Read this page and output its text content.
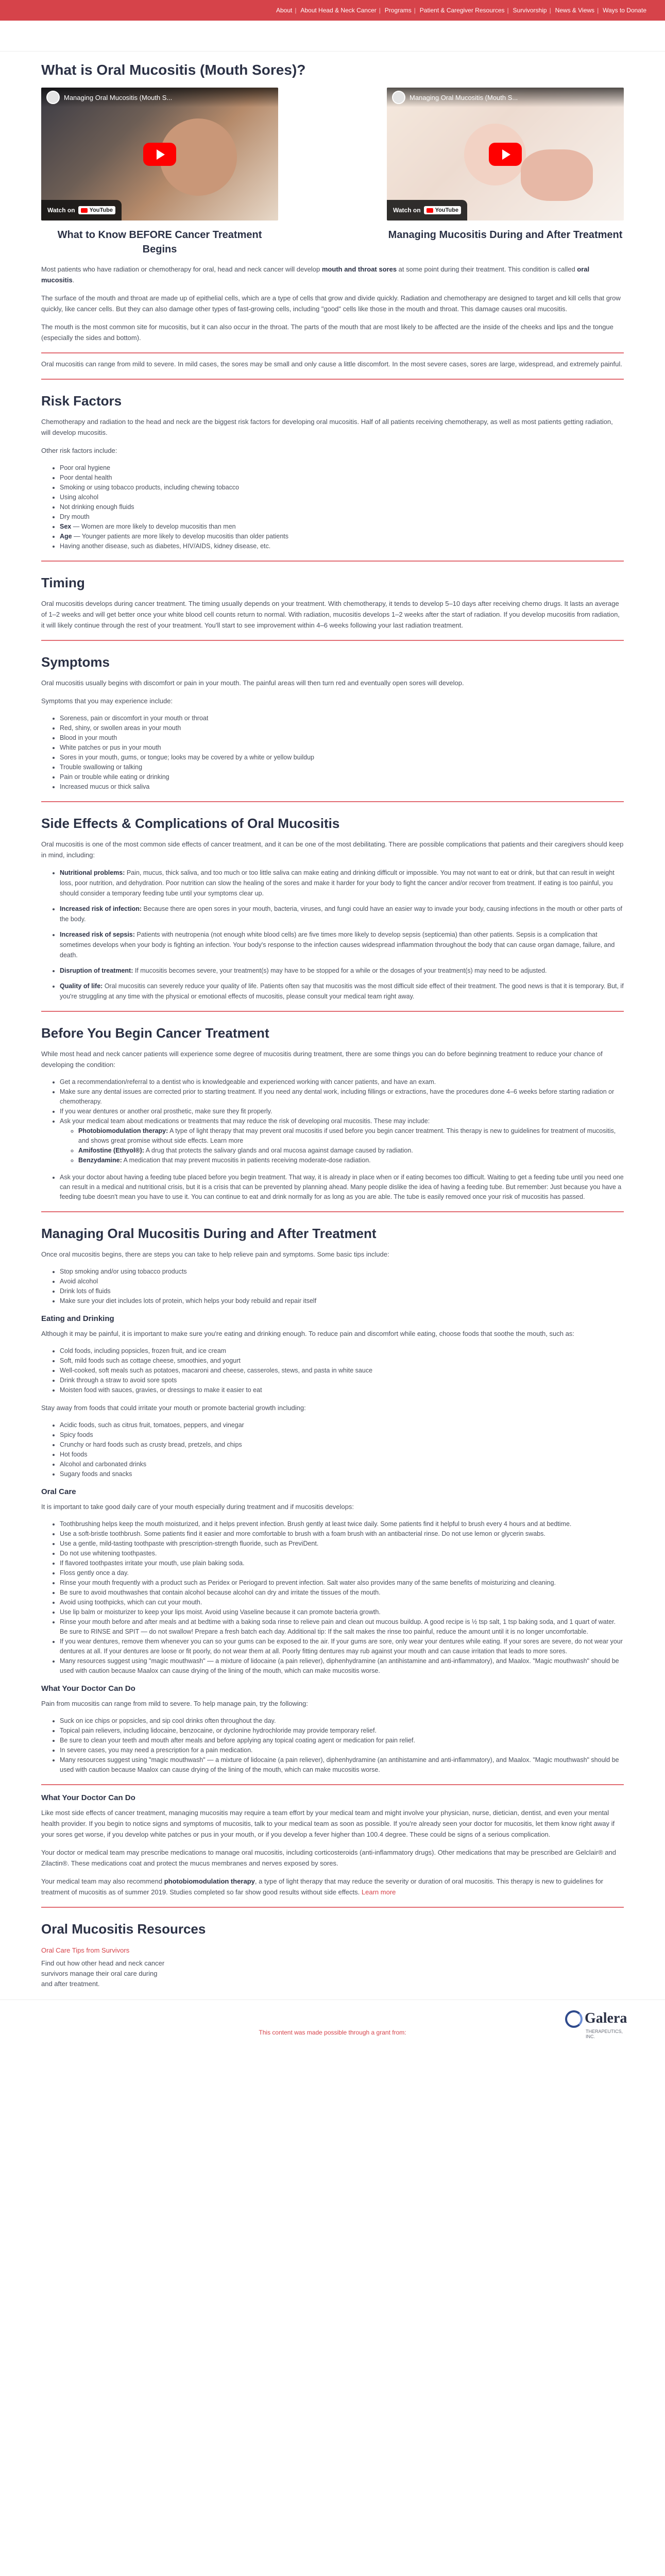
About	| About Head & Neck Cancer	| Programs	| Patient & Caregiver Resources	| Survivorship	| News & Views	| Ways to Donate
What is Oral Mucositis (Mouth Sores)?
Managing Oral Mucositis (Mouth S...
Watch on	YouTube
What to Know BEFORE Cancer Treatment Begins
Managing Oral Mucositis (Mouth S...
Watch on	YouTube
Managing Mucositis During and After Treatment

Most patients who have radiation or chemotherapy for oral, head and neck cancer will develop mouth and throat sores at some point during their treatment. This condition is called oral mucositis.

The surface of the mouth and throat are made up of epithelial cells, which are a type of cells that grow and divide quickly. Radiation and chemotherapy are designed to target and kill cells that grow quickly, like cancer cells. But they can also damage other types of fast-growing cells, including "good" cells like those in the mouth and throat. This damage causes oral mucositis.

The mouth is the most common site for mucositis, but it can also occur in the throat. The parts of the mouth that are most likely to be affected are the inside of the cheeks and lips and the tongue (especially the sides and bottom).

Oral mucositis can range from mild to severe. In mild cases, the sores may be small and only cause a little discomfort. In the most severe cases, sores are large, widespread, and extremely painful.

Risk Factors

Chemotherapy and radiation to the head and neck are the biggest risk factors for developing oral mucositis. Half of all patients receiving chemotherapy, as well as most patients getting radiation, will develop mucositis.

Other risk factors include:

• Poor oral hygiene
• Poor dental health
• Smoking or using tobacco products, including chewing tobacco
• Using alcohol
• Not drinking enough fluids
• Dry mouth
• Sex — Women are more likely to develop mucositis than men
• Age — Younger patients are more likely to develop mucositis than older patients
• Having another disease, such as diabetes, HIV/AIDS, kidney disease, etc.
Timing

Oral mucositis develops during cancer treatment. The timing usually depends on your treatment. With chemotherapy, it tends to develop 5–10 days after receiving chemo drugs. It lasts an average of 1–2 weeks and will get better once your white blood cell counts return to normal. With radiation, mucositis develops 1–2 weeks after the start of radiation. If you develop mucositis from radiation, it will likely continue through the rest of your treatment. You'll start to see improvement within 4–6 weeks following your last radiation treatment.

Symptoms

Oral mucositis usually begins with discomfort or pain in your mouth. The painful areas will then turn red and eventually open sores will develop.

Symptoms that you may experience include:

• Soreness, pain or discomfort in your mouth or throat
• Red, shiny, or swollen areas in your mouth
• Blood in your mouth
• White patches or pus in your mouth
• Sores in your mouth, gums, or tongue; looks may be covered by a white or yellow buildup
• Trouble swallowing or talking
• Pain or trouble while eating or drinking
• Increased mucus or thick saliva
Side Effects & Complications of Oral Mucositis

Oral mucositis is one of the most common side effects of cancer treatment, and it can be one of the most debilitating. There are possible complications that patients and their caregivers should keep in mind, including:

• Nutritional problems: Pain, mucus, thick saliva, and too much or too little saliva can make eating and drinking difficult or impossible. You may not want to eat or drink, but that can result in weight loss, poor nutrition, and dehydration. Poor nutrition can slow the healing of the sores and make it harder for your body to fight the cancer and/or recover from treatment. If eating is too painful, you should consider a temporary feeding tube until your symptoms clear up.
• Increased risk of infection: Because there are open sores in your mouth, bacteria, viruses, and fungi could have an easier way to invade your body, causing infections in the mouth or other parts of the body.
• Increased risk of sepsis: Patients with neutropenia (not enough white blood cells) are five times more likely to develop sepsis (septicemia) than other patients. Sepsis is a complication that sometimes develops when your body is fighting an infection. Your body's response to the infection causes widespread inflammation throughout the body that can cause organ damage, failure, and death.
• Disruption of treatment: If mucositis becomes severe, your treatment(s) may have to be stopped for a while or the dosages of your treatment(s) may need to be adjusted.
• Quality of life: Oral mucositis can severely reduce your quality of life. Patients often say that mucositis was the most difficult side effect of their treatment. The good news is that it is temporary. But, if you're struggling at any time with the physical or emotional effects of mucositis, please consult your medical team right away.
Before You Begin Cancer Treatment

While most head and neck cancer patients will experience some degree of mucositis during treatment, there are some things you can do before beginning treatment to reduce your chance of developing the condition:

• Get a recommendation/referral to a dentist who is knowledgeable and experienced working with cancer patients, and have an exam.
• Make sure any dental issues are corrected prior to starting treatment. If you need any dental work, including fillings or extractions, have the procedures done 4–6 weeks before starting radiation or chemotherapy.
• If you wear dentures or another oral prosthetic, make sure they fit properly.
• Ask your medical team about medications or treatments that may reduce the risk of developing oral mucositis. These may include:
◦ Photobiomodulation therapy: A type of light therapy that may prevent oral mucositis if used before you begin cancer treatment. This therapy is new to guidelines for treatment of mucositis, and shows great promise without side effects. Learn more
◦ Amifostine (Ethyol®): A drug that protects the salivary glands and oral mucosa against damage caused by radiation.
◦ Benzydamine: A medication that may prevent mucositis in patients receiving moderate-dose radiation.
• Ask your doctor about having a feeding tube placed before you begin treatment. That way, it is already in place when or if eating becomes too difficult. Waiting to get a feeding tube until you need one can result in a medical and nutritional crisis, but it is a crisis that can be prevented by planning ahead. Many people dislike the idea of having a feeding tube. But remember: Just because you have a feeding tube doesn't mean you have to use it. You can continue to eat and drink normally for as long as you are able. The tube is easily removed once your risk of mucositis has passed.
Managing Oral Mucositis During and After Treatment

Once oral mucositis begins, there are steps you can take to help relieve pain and symptoms. Some basic tips include:

• Stop smoking and/or using tobacco products
• Avoid alcohol
• Drink lots of fluids
• Make sure your diet includes lots of protein, which helps your body rebuild and repair itself
Eating and Drinking

Although it may be painful, it is important to make sure you're eating and drinking enough. To reduce pain and discomfort while eating, choose foods that soothe the mouth, such as:

• Cold foods, including popsicles, frozen fruit, and ice cream
• Soft, mild foods such as cottage cheese, smoothies, and yogurt
• Well-cooked, soft meals such as potatoes, macaroni and cheese, casseroles, stews, and pasta in white sauce
• Drink through a straw to avoid sore spots
• Moisten food with sauces, gravies, or dressings to make it easier to eat

Stay away from foods that could irritate your mouth or promote bacterial growth including:

• Acidic foods, such as citrus fruit, tomatoes, peppers, and vinegar
• Spicy foods
• Crunchy or hard foods such as crusty bread, pretzels, and chips
• Hot foods
• Alcohol and carbonated drinks
• Sugary foods and snacks
Oral Care

It is important to take good daily care of your mouth especially during treatment and if mucositis develops:

• Toothbrushing helps keep the mouth moisturized, and it helps prevent infection. Brush gently at least twice daily. Some patients find it helpful to brush every 4 hours and at bedtime.
• Use a soft-bristle toothbrush. Some patients find it easier and more comfortable to brush with a foam brush with an antibacterial rinse. Do not use lemon or glycerin swabs.
• Use a gentle, mild-tasting toothpaste with prescription-strength fluoride, such as PreviDent.
• Do not use whitening toothpastes.
• If flavored toothpastes irritate your mouth, use plain baking soda.
• Floss gently once a day.
• Rinse your mouth frequently with a product such as Peridex or Periogard to prevent infection. Salt water also provides many of the same benefits of moisturizing and cleaning.
• Be sure to avoid mouthwashes that contain alcohol because alcohol can dry and irritate the tissues of the mouth.
• Avoid using toothpicks, which can cut your mouth.
• Use lip balm or moisturizer to keep your lips moist. Avoid using Vaseline because it can promote bacteria growth.
• Rinse your mouth before and after meals and at bedtime with a baking soda rinse to relieve pain and clean out mucous buildup. A good recipe is ½ tsp salt, 1 tsp baking soda, and 1 quart of water. Be sure to RINSE and SPIT — do not swallow! Prepare a fresh batch each day. Additional tip: If the salt makes the rinse too painful, reduce the amount until it is no longer uncomfortable.
• If you wear dentures, remove them whenever you can so your gums can be exposed to the air. If your gums are sore, only wear your dentures while eating. If your sores are severe, do not wear your dentures at all. If your dentures are loose or fit poorly, do not wear them at all. Poorly fitting dentures may rub against your mouth and can cause irritation that leads to more sores.
• Many resources suggest using "magic mouthwash" — a mixture of lidocaine (a pain reliever), diphenhydramine (an antihistamine and anti-inflammatory), and Maalox. "Magic mouthwash" should be used with caution because Maalox can cause drying of the lining of the mouth, which can make mucositis worse.
What Your Doctor Can Do

Pain from mucositis can range from mild to severe. To help manage pain, try the following:

• Suck on ice chips or popsicles, and sip cool drinks often throughout the day.
• Topical pain relievers, including lidocaine, benzocaine, or dyclonine hydrochloride may provide temporary relief.
• Be sure to clean your teeth and mouth after meals and before applying any topical coating agent or medication for pain relief.
• In severe cases, you may need a prescription for a pain medication.
• Many resources suggest using "magic mouthwash" — a mixture of lidocaine (a pain reliever), diphenhydramine (an antihistamine and anti-inflammatory), and Maalox. "Magic mouthwash" should be used with caution because Maalox can cause drying of the lining of the mouth, which can make mucositis worse.
What Your Doctor Can Do

Like most side effects of cancer treatment, managing mucositis may require a team effort by your medical team and might involve your physician, nurse, dietician, dentist, and even your mental health provider. If you begin to notice signs and symptoms of mucositis, talk to your medical team as soon as possible. If you're already seen your doctor for mucositis, let them know right away if your sores get worse, if you develop white patches or pus in your mouth, or if you develop a fever higher than 100.4 degree. These could be signs of a serious complication.

Your doctor or medical team may prescribe medications to manage oral mucositis, including corticosteroids (anti-inflammatory drugs). Other medications that may be prescribed are Gelclair® and Zilactin®. These medications coat and protect the mucus membranes and nerves exposed by sores.

Your medical team may also recommend photobiomodulation therapy, a type of light therapy that may reduce the severity or duration of oral mucositis. This therapy is new to guidelines for treatment of mucositis as of summer 2019. Studies completed so far show good results without side effects. Learn more

Oral Mucositis Resources
Oral Care Tips from Survivors

Find out how other head and neck cancer

survivors manage their oral care during

and after treatment.

Galera
THERAPEUTICS, INC.
This content was made possible through a grant from:
